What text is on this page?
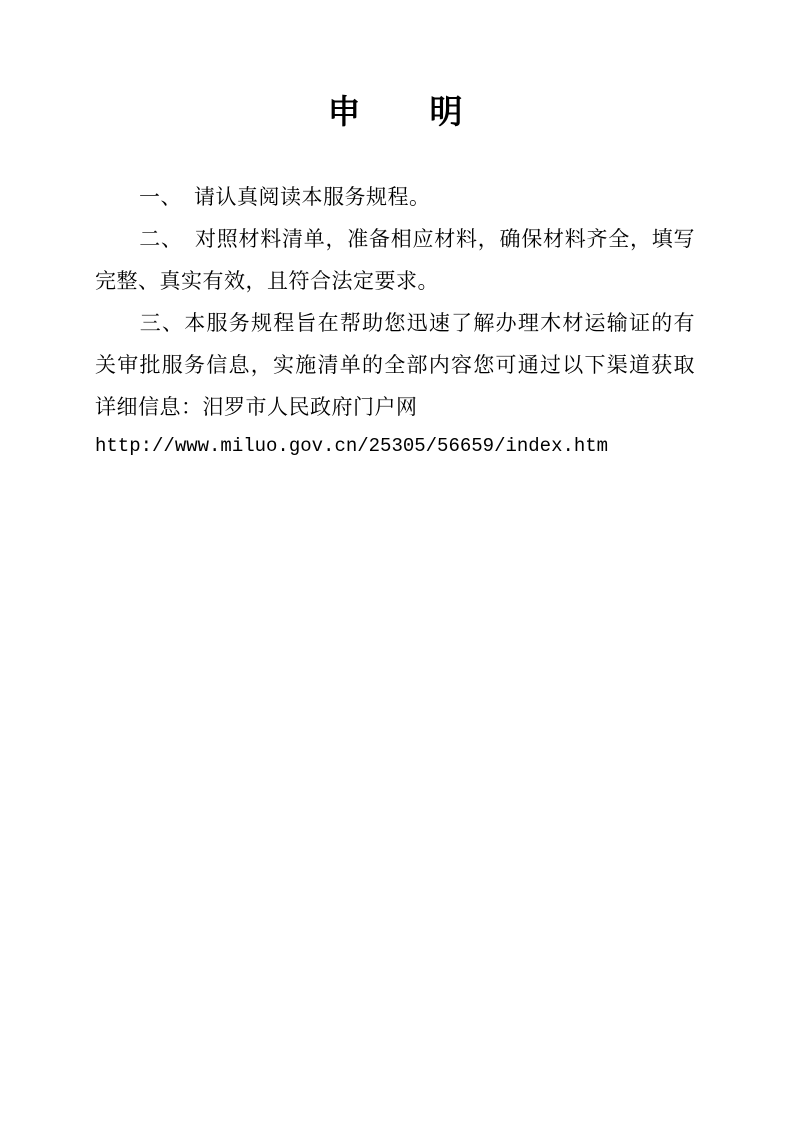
申　明

一、 请认真阅读本服务规程。

二、 对照材料清单，准备相应材料，确保材料齐全，填写完整、真实有效，且符合法定要求。

三、本服务规程旨在帮助您迅速了解办理木材运输证的有关审批服务信息，实施清单的全部内容您可通过以下渠道获取详细信息：汨罗市人民政府门户网

http://www.miluo.gov.cn/25305/56659/index.htm
